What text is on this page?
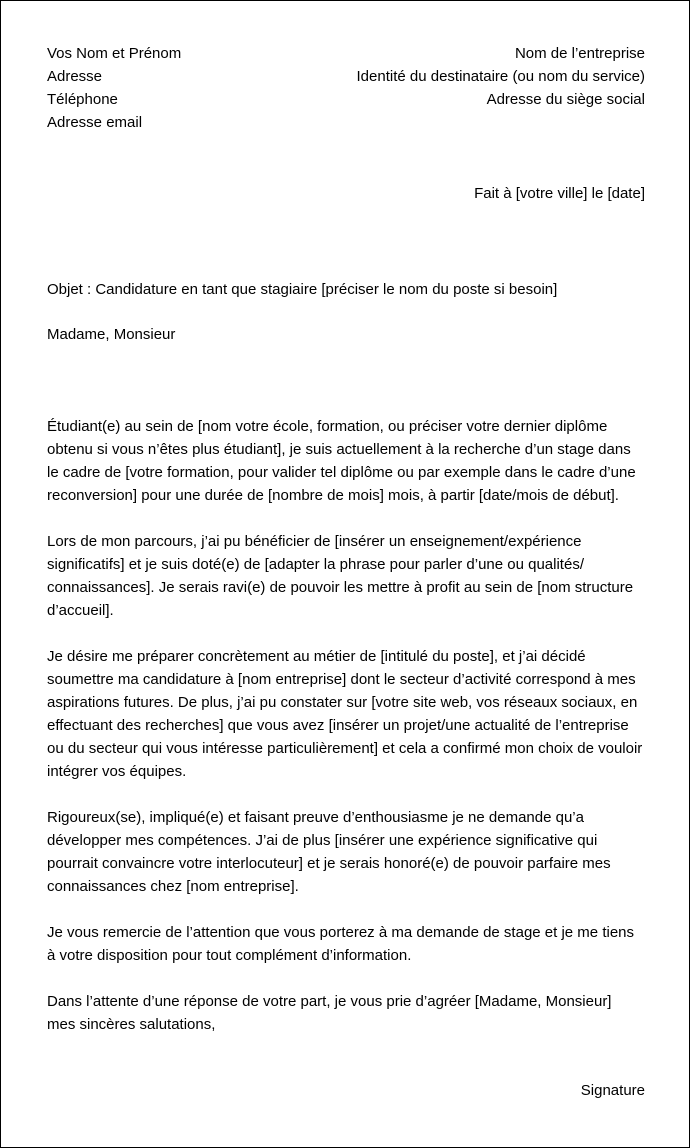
Vos Nom et Prénom
Adresse
Téléphone
Adresse email
Nom de l’entreprise
Identité du destinataire (ou nom du service)
Adresse du siège social
Fait à [votre ville] le [date]
Objet : Candidature en tant que stagiaire [préciser le nom du poste si besoin]
Madame, Monsieur

Étudiant(e) au sein de [nom votre école, formation, ou préciser votre dernier diplôme
obtenu si vous n’êtes plus étudiant], je suis actuellement à la recherche d’un stage dans
le cadre de [votre formation, pour valider tel diplôme ou par exemple dans le cadre d’une
reconversion] pour une durée de [nombre de mois] mois, à partir [date/mois de début].

Lors de mon parcours, j’ai pu bénéficier de [insérer un enseignement/expérience
significatifs] et je suis doté(e) de [adapter la phrase pour parler d’une ou qualités/
connaissances]. Je serais ravi(e) de pouvoir les mettre à profit au sein de [nom structure
d’accueil].

Je désire me préparer concrètement au métier de [intitulé du poste], et j’ai décidé
soumettre ma candidature à [nom entreprise] dont le secteur d’activité correspond à mes
aspirations futures. De plus, j’ai pu constater sur [votre site web, vos réseaux sociaux, en
effectuant des recherches] que vous avez [insérer un projet/une actualité de l’entreprise
ou du secteur qui vous intéresse particulièrement] et cela a confirmé mon choix de vouloir
intégrer vos équipes.

Rigoureux(se), impliqué(e) et faisant preuve d’enthousiasme je ne demande qu’a
développer mes compétences. J’ai de plus [insérer une expérience significative qui
pourrait convaincre votre interlocuteur] et je serais honoré(e) de pouvoir parfaire mes
connaissances chez [nom entreprise].

Je vous remercie de l’attention que vous porterez à ma demande de stage et je me tiens
à votre disposition pour tout complément d’information.

Dans l’attente d’une réponse de votre part, je vous prie d’agréer [Madame, Monsieur]
mes sincères salutations,

Signature
